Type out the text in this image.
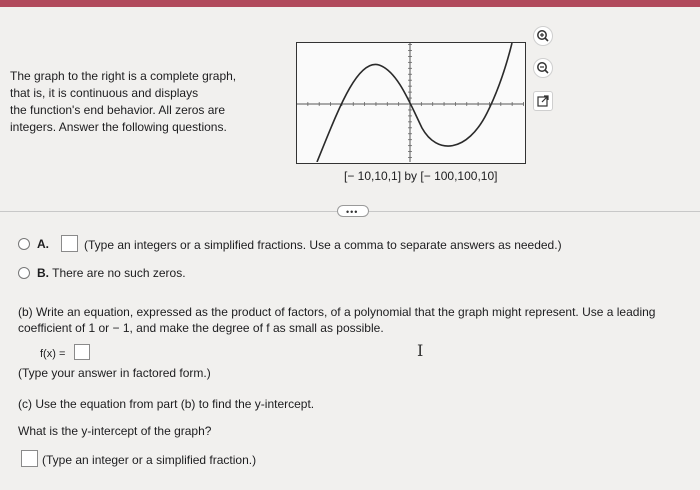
The graph to the right is a complete graph,
that is, it is continuous and displays
the function's end behavior. All zeros are
integers. Answer the following questions.
[− 10,10,1] by [− 100,100,10]
•••
A.	(Type an integers or a simplified fractions. Use a comma to separate answers as needed.)
B. There are no such zeros.
(b) Write an equation, expressed as the product of factors, of a polynomial that the graph might represent. Use a leading
coefficient of 1 or − 1, and make the degree of f as small as possible.
f(x) =
(Type your answer in factored form.)
I
(c) Use the equation from part (b) to find the y-intercept.
What is the y-intercept of the graph?
(Type an integer or a simplified fraction.)
